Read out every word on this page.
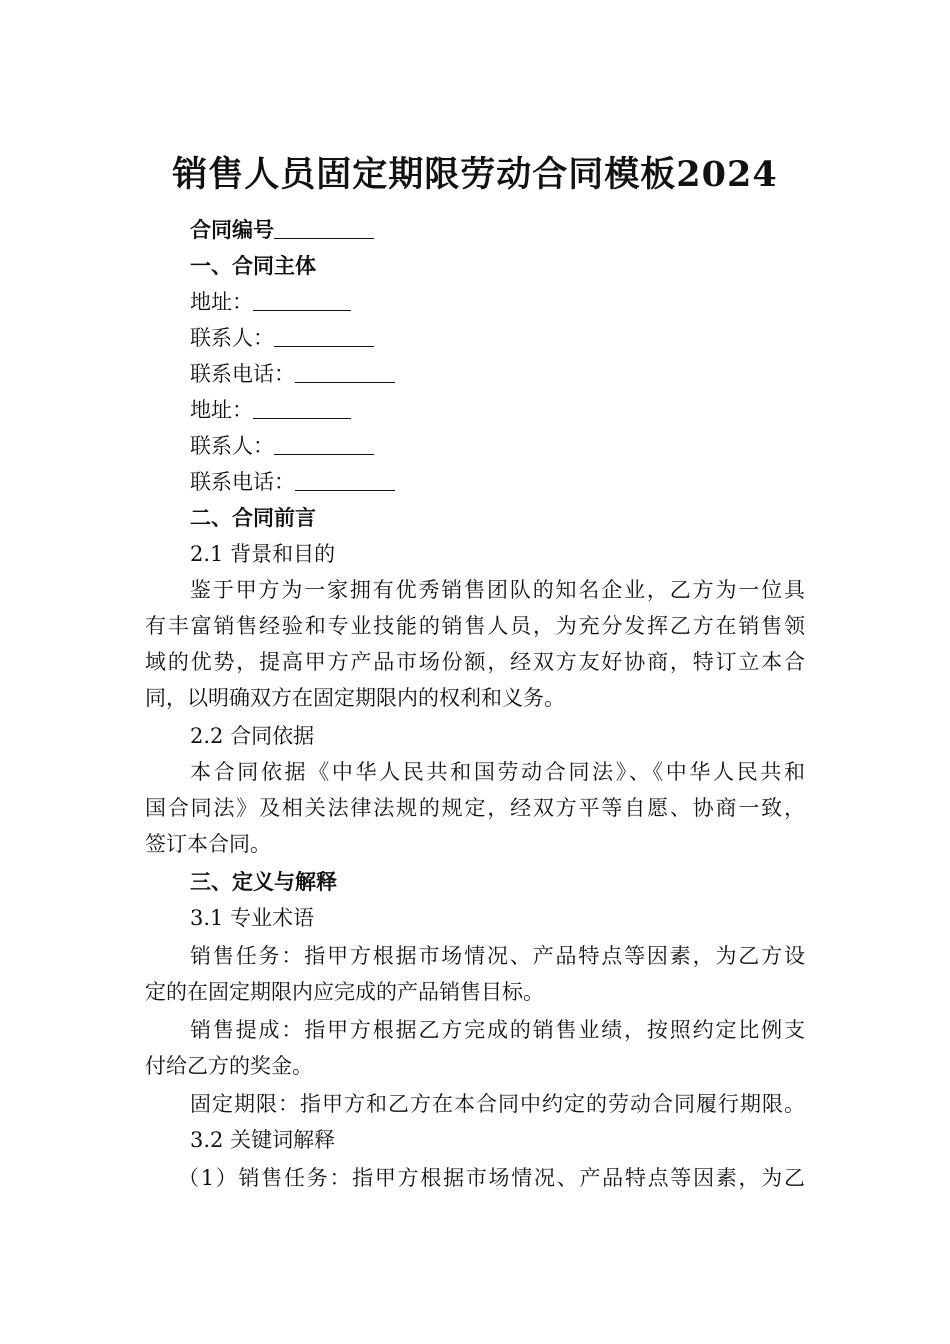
销售人员固定期限劳动合同模板2024
合同编号
一、合同主体
地址：
联系人：
联系电话：
地址：
联系人：
联系电话：
二、合同前言
2.1 背景和目的
鉴于甲方为一家拥有优秀销售团队的知名企业，乙方为一位具
有丰富销售经验和专业技能的销售人员，为充分发挥乙方在销售领
域的优势，提高甲方产品市场份额，经双方友好协商，特订立本合
同，以明确双方在固定期限内的权利和义务。
2.2 合同依据
本合同依据《中华人民共和国劳动合同法》、《中华人民共和
国合同法》及相关法律法规的规定，经双方平等自愿、协商一致，
签订本合同。
三、定义与解释
3.1 专业术语
销售任务：指甲方根据市场情况、产品特点等因素，为乙方设
定的在固定期限内应完成的产品销售目标。
销售提成：指甲方根据乙方完成的销售业绩，按照约定比例支
付给乙方的奖金。
固定期限：指甲方和乙方在本合同中约定的劳动合同履行期限。
3.2 关键词解释
（1）销售任务：指甲方根据市场情况、产品特点等因素，为乙
